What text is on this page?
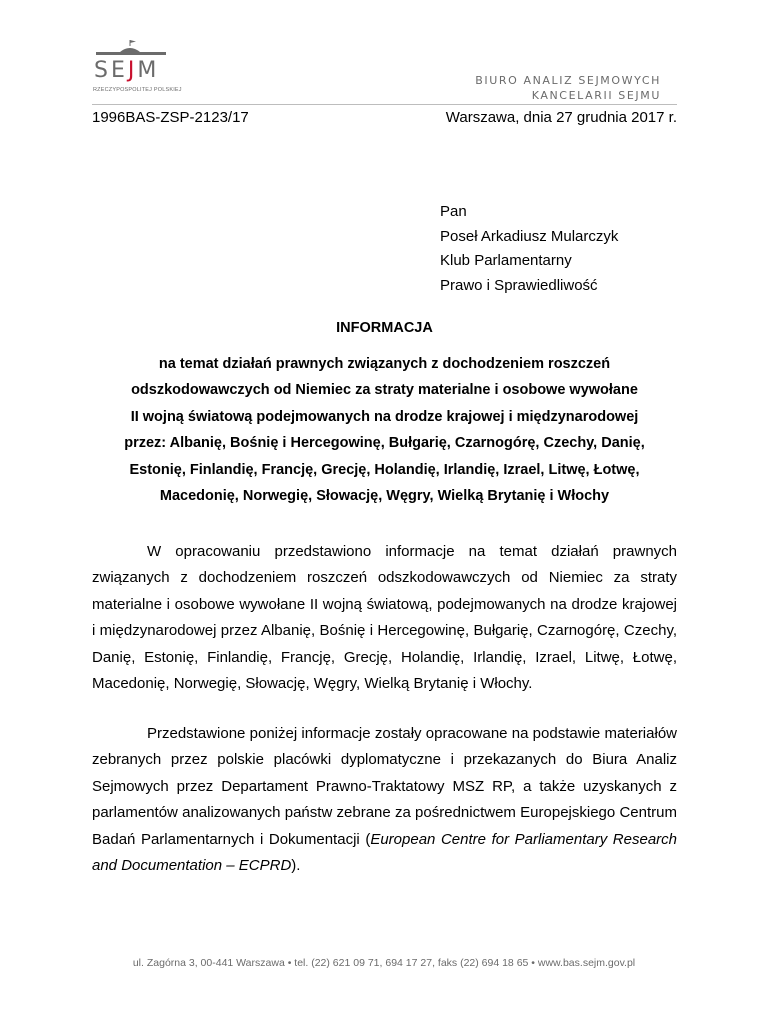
SEJM
RZECZYPOSPOLITEJ POLSKIEJ
BIURO ANALIZ SEJMOWYCH
KANCELARII SEJMU
1996BAS-ZSP-2123/17	Warszawa, dnia 27 grudnia 2017 r.
Pan
Poseł Arkadiusz Mularczyk
Klub Parlamentarny
Prawo i Sprawiedliwość
INFORMACJA
na temat działań prawnych związanych z dochodzeniem roszczeń
odszkodowawczych od Niemiec za straty materialne i osobowe wywołane
II wojną światową podejmowanych na drodze krajowej i międzynarodowej
przez: Albanię, Bośnię i Hercegowinę, Bułgarię, Czarnogórę, Czechy, Danię,
Estonię, Finlandię, Francję, Grecję, Holandię, Irlandię, Izrael, Litwę, Łotwę,
Macedonię, Norwegię, Słowację, Węgry, Wielką Brytanię i Włochy

W opracowaniu przedstawiono informacje na temat działań prawnych związanych z dochodzeniem roszczeń odszkodowawczych od Niemiec za straty materialne i osobowe wywołane II wojną światową, podejmowanych na drodze krajowej i międzynarodowej przez Albanię, Bośnię i Hercegowinę, Bułgarię, Czarnogórę, Czechy, Danię, Estonię, Finlandię, Francję, Grecję, Holandię, Irlandię, Izrael, Litwę, Łotwę, Macedonię, Norwegię, Słowację, Węgry, Wielką Brytanię i Włochy.

Przedstawione poniżej informacje zostały opracowane na podstawie materiałów zebranych przez polskie placówki dyplomatyczne i przekazanych do Biura Analiz Sejmowych przez Departament Prawno-Traktatowy MSZ RP, a także uzyskanych z parlamentów analizowanych państw zebrane za pośrednictwem Europejskiego Centrum Badań Parlamentarnych i Dokumentacji (European Centre for Parliamentary Research and Documentation – ECPRD).

ul. Zagórna 3, 00-441 Warszawa • tel. (22) 621 09 71, 694 17 27, faks (22) 694 18 65 • www.bas.sejm.gov.pl
